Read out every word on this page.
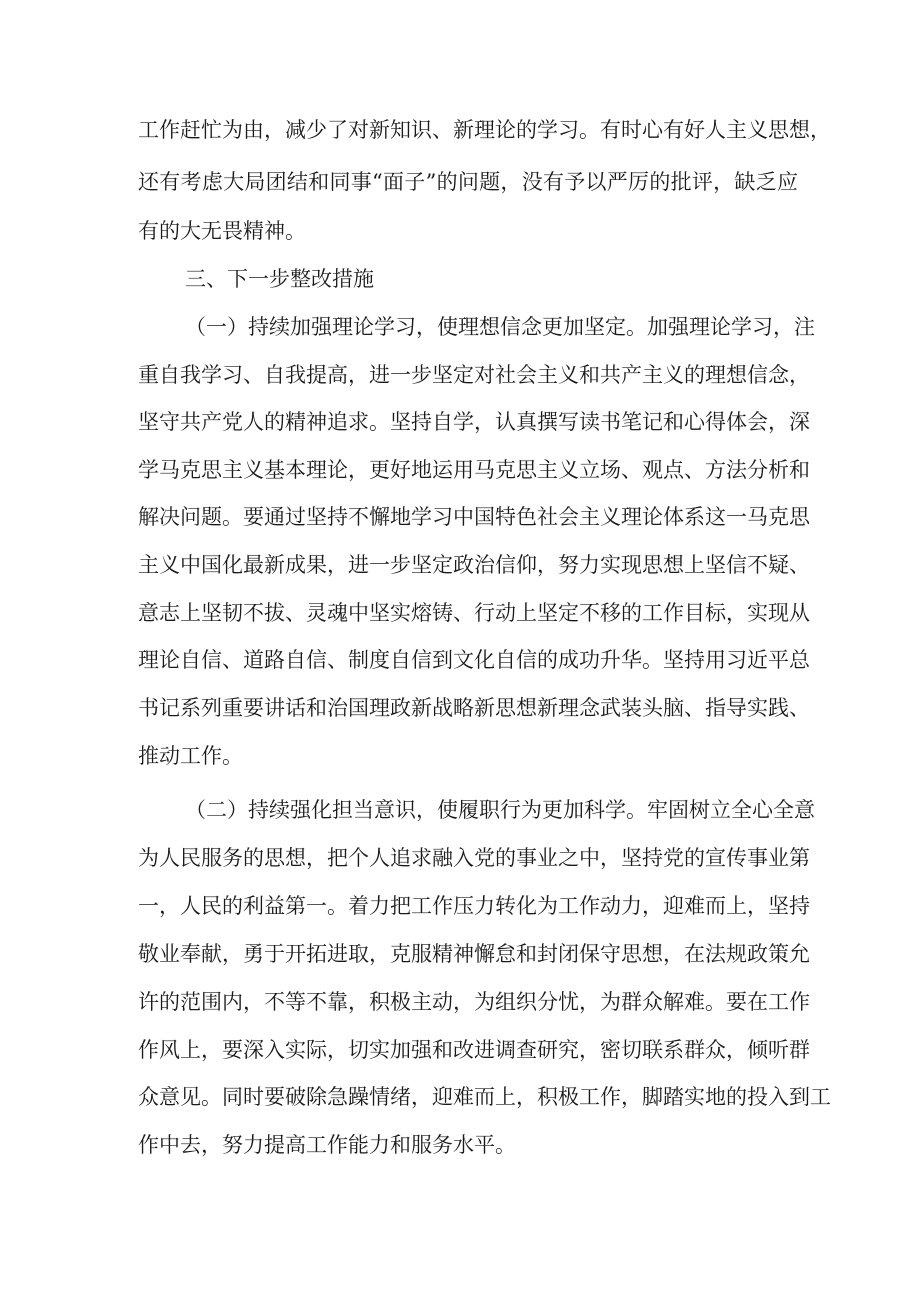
工作赶忙为由，减少了对新知识、新理论的学习。有时心有好人主义思想，
还有考虑大局团结和同事“面子”的问题，没有予以严厉的批评，缺乏应
有的大无畏精神。
三、下一步整改措施
（一）持续加强理论学习，使理想信念更加坚定。加强理论学习，注
重自我学习、自我提高，进一步坚定对社会主义和共产主义的理想信念，
坚守共产党人的精神追求。坚持自学，认真撰写读书笔记和心得体会，深
学马克思主义基本理论，更好地运用马克思主义立场、观点、方法分析和
解决问题。要通过坚持不懈地学习中国特色社会主义理论体系这一马克思
主义中国化最新成果，进一步坚定政治信仰，努力实现思想上坚信不疑、
意志上坚韧不拔、灵魂中坚实熔铸、行动上坚定不移的工作目标，实现从
理论自信、道路自信、制度自信到文化自信的成功升华。坚持用习近平总
书记系列重要讲话和治国理政新战略新思想新理念武装头脑、指导实践、
推动工作。
（二）持续强化担当意识，使履职行为更加科学。牢固树立全心全意
为人民服务的思想，把个人追求融入党的事业之中，坚持党的宣传事业第
一，人民的利益第一。着力把工作压力转化为工作动力，迎难而上，坚持
敬业奉献，勇于开拓进取，克服精神懈怠和封闭保守思想，在法规政策允
许的范围内，不等不靠，积极主动，为组织分忧，为群众解难。要在工作
作风上，要深入实际，切实加强和改进调查研究，密切联系群众，倾听群
众意见。同时要破除急躁情绪，迎难而上，积极工作，脚踏实地的投入到工
作中去，努力提高工作能力和服务水平。
